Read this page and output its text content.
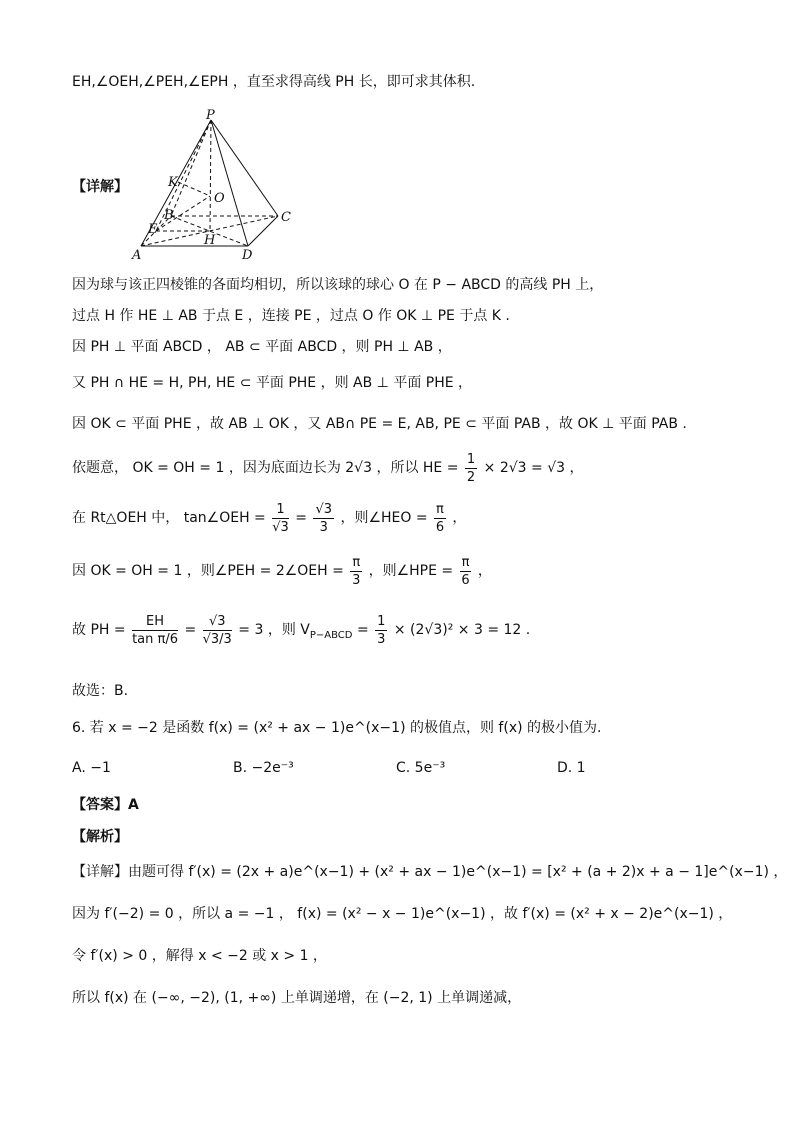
EH,∠OEH,∠PEH,∠EPH ，直至求得高线 PH 长，即可求其体积.
【详解】
P
K
O
B
E
C
H
A	D
因为球与该正四棱锥的各面均相切，所以该球的球心 O 在 P − ABCD 的高线 PH 上，
过点 H 作 HE ⊥ AB 于点 E ，连接 PE ，过点 O 作 OK ⊥ PE 于点 K .
因 PH ⊥ 平面 ABCD ， AB ⊂ 平面 ABCD ，则 PH ⊥ AB ，
又 PH ∩ HE = H, PH, HE ⊂ 平面 PHE ，则 AB ⊥ 平面 PHE ，
因 OK ⊂ 平面 PHE ，故 AB ⊥ OK ，又 AB∩ PE = E, AB, PE ⊂ 平面 PAB ，故 OK ⊥ 平面 PAB .
依题意， OK = OH = 1 ，因为底面边长为 2√3 ，所以 HE = $\frac{1}{2} \times 2√3 = √3$ ，
在 Rt△OEH 中， tan∠OEH = $\frac{1}{√3} = \frac{√3}{3}$ ，则∠HEO = $\frac{\pi}{6}$ ，
因 OK = OH = 1 ，则∠PEH = 2∠OEH = $\frac{\pi}{3}$ ，则∠HPE = $\frac{\pi}{6}$ ，
故 PH = $\frac{EH}{\text{tan π/6}} = \frac{√3}{√3/3} = 3$ ，则 $V_{P-ABCD} = \frac{1}{3} \times (2√3)^2 \times 3 = 12$ .
故选：B.
6. 若 x = −2 是函数 f(x) = (x² + ax − 1)e^(x−1) 的极值点，则 f(x) 的极小值为.
A. −1	B. −2e⁻³	C. 5e⁻³	D. 1
【答案】A
【解析】
【详解】由题可得 f′(x) = (2x + a)e^(x−1) + (x² + ax − 1)e^(x−1) = [x² + (a + 2)x + a − 1]e^(x−1) ，
因为 f′(−2) = 0 ，所以 a = −1 ， f(x) = (x² − x − 1)e^(x−1) ，故 f′(x) = (x² + x − 2)e^(x−1) ，
令 f′(x) > 0 ，解得 x < −2 或 x > 1 ，
所以 f(x) 在 (−∞, −2), (1, +∞) 上单调递增，在 (−2, 1) 上单调递减，
